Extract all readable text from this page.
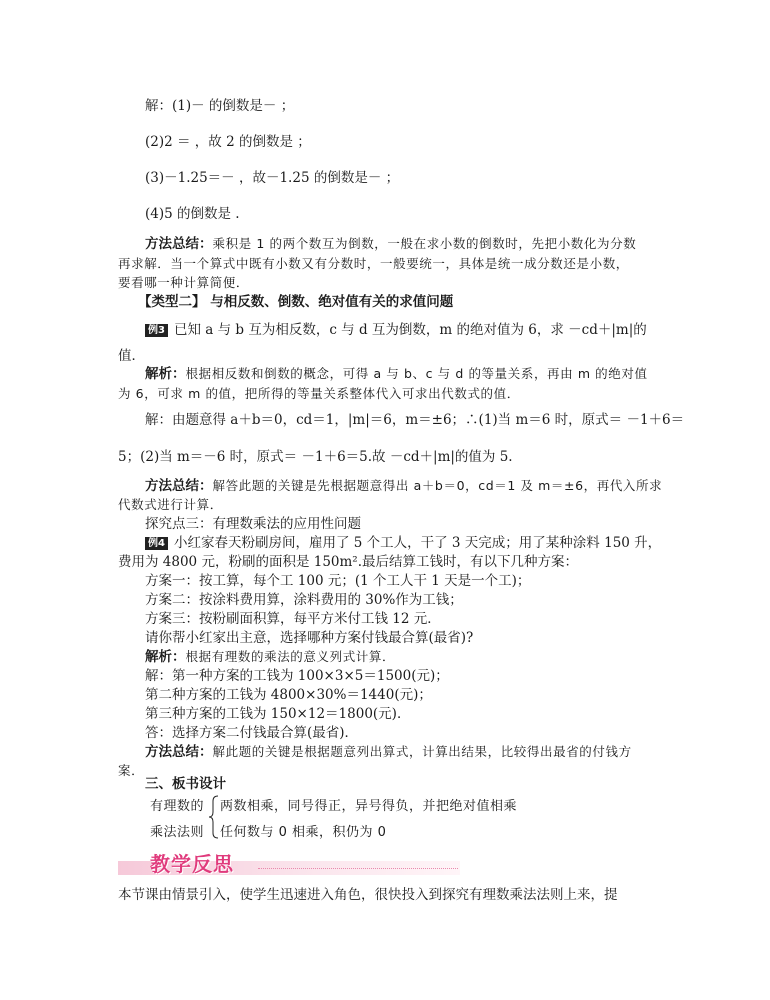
解：(1)－ 的倒数是－ ；
(2)2 ＝ ，故 2 的倒数是 ；
(3)－1.25＝－ ，故－1.25 的倒数是－ ；
(4)5 的倒数是 .
方法总结：乘积是 1 的两个数互为倒数，一般在求小数的倒数时，先把小数化为分数
再求解．当一个算式中既有小数又有分数时，一般要统一，具体是统一成分数还是小数，
要看哪一种计算简便．
【类型二】 与相反数、倒数、绝对值有关的求值问题
例3 已知 a 与 b 互为相反数，c 与 d 互为倒数，m 的绝对值为 6，求 －cd＋|m|的
值．
解析：根据相反数和倒数的概念，可得 a 与 b、c 与 d 的等量关系，再由 m 的绝对值
为 6，可求 m 的值，把所得的等量关系整体代入可求出代数式的值．
解：由题意得 a＋b＝0，cd＝1，|m|＝6，m＝±6；∴(1)当 m＝6 时，原式＝ －1＋6＝
5；(2)当 m＝－6 时，原式＝ －1＋6＝5.故 －cd＋|m|的值为 5.
方法总结：解答此题的关键是先根据题意得出 a＋b＝0，cd＝1 及 m＝±6，再代入所求
代数式进行计算．
探究点三：有理数乘法的应用性问题
例4 小红家春天粉刷房间，雇用了 5 个工人，干了 3 天完成；用了某种涂料 150 升，
费用为 4800 元，粉刷的面积是 150m².最后结算工钱时，有以下几种方案：
方案一：按工算，每个工 100 元；(1 个工人干 1 天是一个工)；
方案二：按涂料费用算，涂料费用的 30%作为工钱；
方案三：按粉刷面积算，每平方米付工钱 12 元．
请你帮小红家出主意，选择哪种方案付钱最合算(最省)?
解析：根据有理数的乘法的意义列式计算．
解：第一种方案的工钱为 100×3×5＝1500(元)；
第二种方案的工钱为 4800×30%＝1440(元)；
第三种方案的工钱为 150×12＝1800(元)．
答：选择方案二付钱最合算(最省)．
方法总结：解此题的关键是根据题意列出算式，计算出结果，比较得出最省的付钱方
案．
三、板书设计
有理数的
乘法法则
两数相乘，同号得正，异号得负，并把绝对值相乘
任何数与 0 相乘，积仍为 0
教学反思
本节课由情景引入，使学生迅速进入角色，很快投入到探究有理数乘法法则上来，提
